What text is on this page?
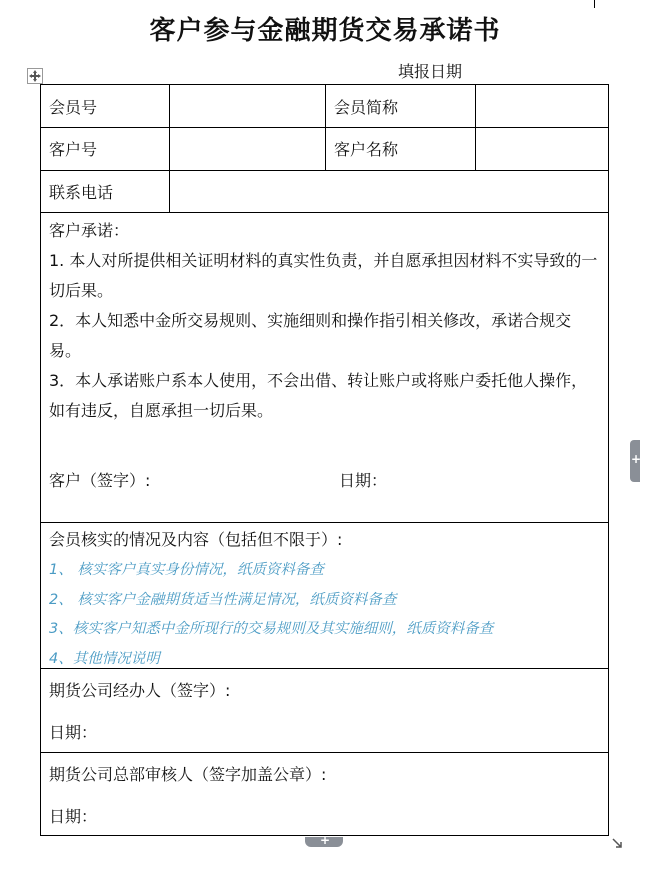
客户参与金融期货交易承诺书
填报日期
会员号	会员简称
客户号	客户名称
联系电话

客户承诺：

1. 本人对所提供相关证明材料的真实性负责，并自愿承担因材料不实导致的一切后果。

2．本人知悉中金所交易规则、实施细则和操作指引相关修改，承诺合规交易。

3．本人承诺账户系本人使用，不会出借、转让账户或将账户委托他人操作，如有违反，自愿承担一切后果。

客户（签字）:	日期：

会员核实的情况及内容（包括但不限于）:

1、 核实客户真实身份情况，纸质资料备查

2、 核实客户金融期货适当性满足情况，纸质资料备查

3、核实客户知悉中金所现行的交易规则及其实施细则，纸质资料备查

4、其他情况说明

期货公司经办人（签字）:
日期：
期货公司总部审核人（签字加盖公章）:
日期：
+
+
